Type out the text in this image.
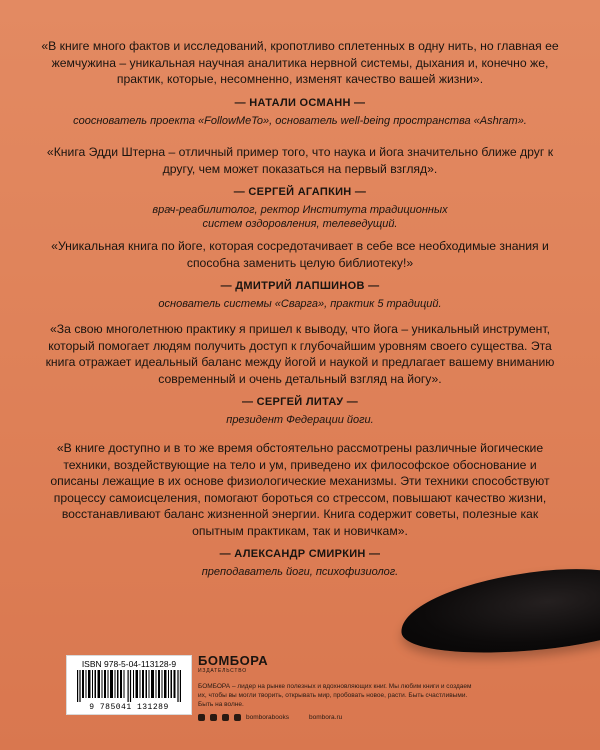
«В книге много фактов и исследований, кропотливо сплетенных в одну нить, но главная ее жемчужина – уникальная научная аналитика нервной системы, дыхания и, конечно же, практик, которые, несомненно, изменят качество вашей жизни».

— НАТАЛИ ОСМАНН —
сооснователь проекта «FollowMeTo», основатель well-being пространства «Ashram».

«Книга Эдди Штерна – отличный пример того, что наука и йога значительно ближе друг к другу, чем может показаться на первый взгляд».

— СЕРГЕЙ АГАПКИН —
врач-реабилитолог, ректор Института традиционных систем оздоровления, телеведущий.

«Уникальная книга по йоге, которая сосредотачивает в себе все необходимые знания и способна заменить целую библиотеку!»

— ДМИТРИЙ ЛАПШИНОВ —
основатель системы «Сварга», практик 5 традиций.

«За свою многолетнюю практику я пришел к выводу, что йога – уникальный инструмент, который помогает людям получить доступ к глубочайшим уровням своего существа. Эта книга отражает идеальный баланс между йогой и наукой и предлагает вашему вниманию современный и очень детальный взгляд на йогу».

— СЕРГЕЙ ЛИТАУ —
президент Федерации йоги.

«В книге доступно и в то же время обстоятельно рассмотрены различные йогические техники, воздействующие на тело и ум, приведено их философское обоснование и описаны лежащие в их основе физиологические механизмы. Эти техники способствуют процессу самоисцеления, помогают бороться со стрессом, повышают качество жизни, восстанавливают баланс жизненной энергии. Книга содержит советы, полезные как опытным практикам, так и новичкам».

— АЛЕКСАНДР СМИРКИН —
преподаватель йоги, психофизиолог.
ISBN 978-5-04-113128-9
9 785041 131289
БОМБОРА
ИЗДАТЕЛЬСТВО
БОМБОРА – лидер на рынке полезных и вдохновляющих книг. Мы любим книги и создаем их, чтобы вы могли творить, открывать мир, пробовать новое, расти. Быть счастливыми. Быть на волне.
bomborabooks	bombora.ru
